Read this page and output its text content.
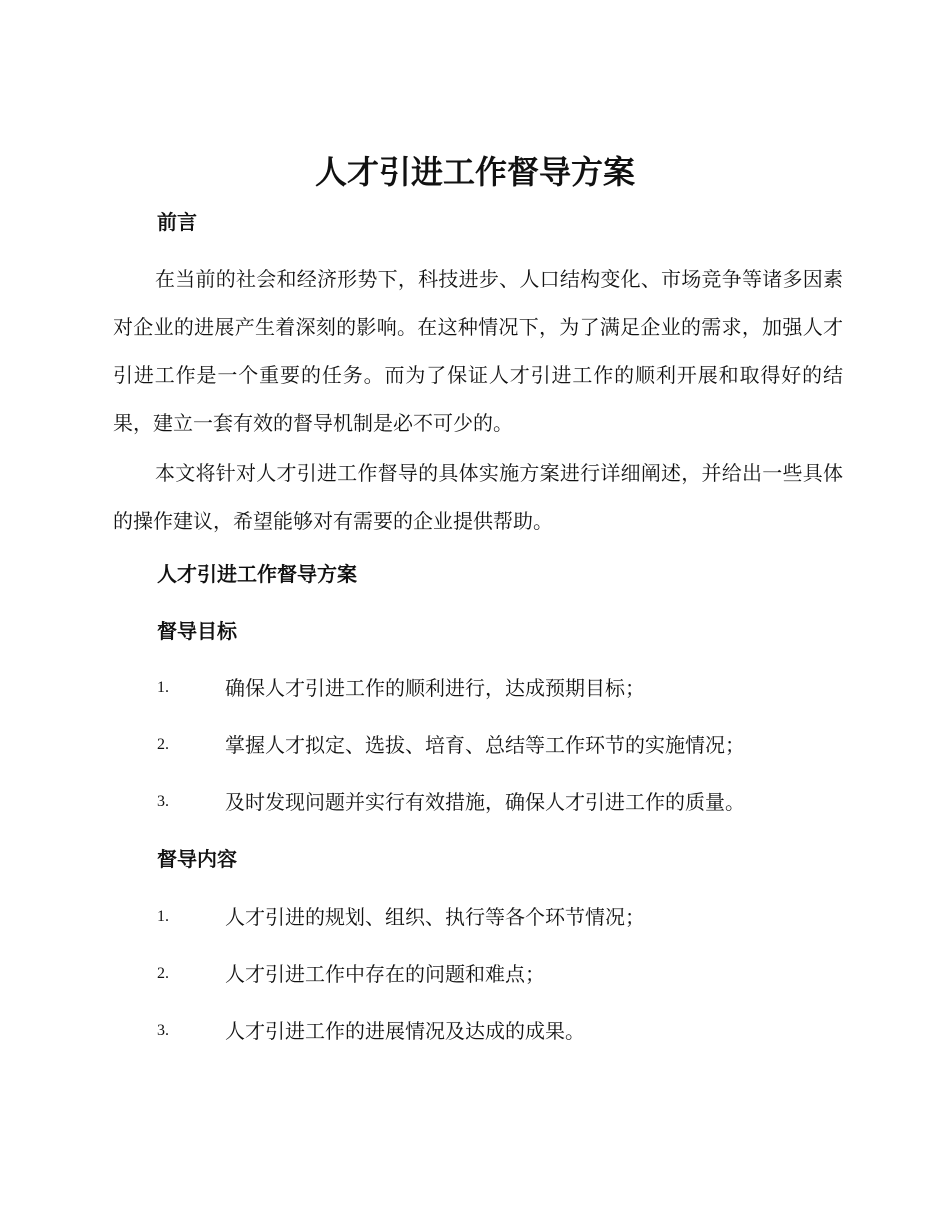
人才引进工作督导方案
前言

在当前的社会和经济形势下，科技进步、人口结构变化、市场竞争等诸多因素对企业的进展产生着深刻的影响。在这种情况下，为了满足企业的需求，加强人才引进工作是一个重要的任务。而为了保证人才引进工作的顺利开展和取得好的结果，建立一套有效的督导机制是必不可少的。

本文将针对人才引进工作督导的具体实施方案进行详细阐述，并给出一些具体的操作建议，希望能够对有需要的企业提供帮助。

人才引进工作督导方案
督导目标
1.	确保人才引进工作的顺利进行，达成预期目标；
2.	掌握人才拟定、选拔、培育、总结等工作环节的实施情况；
3.	及时发现问题并实行有效措施，确保人才引进工作的质量。
督导内容
1.	人才引进的规划、组织、执行等各个环节情况；
2.	人才引进工作中存在的问题和难点；
3.	人才引进工作的进展情况及达成的成果。
